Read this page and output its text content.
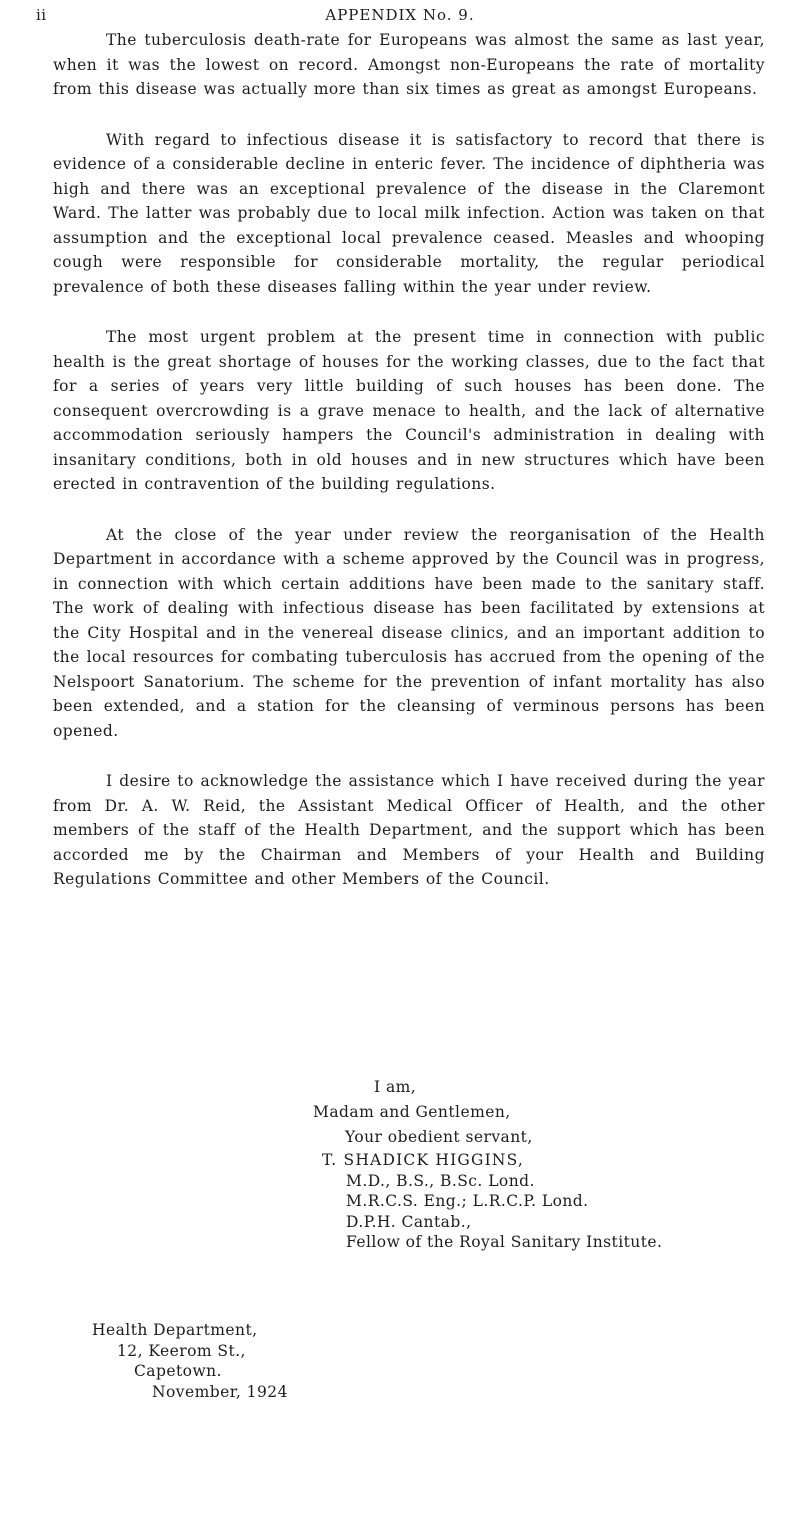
ii	APPENDIX No. 9.

The tuberculosis death-rate for Europeans was almost the same as last year, when it was the lowest on record. Amongst non-Europeans the rate of mortality from this disease was actually more than six times as great as amongst Europeans.

With regard to infectious disease it is satisfactory to record that there is evidence of a considerable decline in enteric fever. The incidence of diphtheria was high and there was an exceptional prevalence of the disease in the Claremont Ward. The latter was probably due to local milk infection. Action was taken on that assumption and the exceptional local prevalence ceased. Measles and whooping cough were responsible for considerable mortality, the regular periodical prevalence of both these diseases falling within the year under review.

The most urgent problem at the present time in connection with public health is the great shortage of houses for the working classes, due to the fact that for a series of years very little building of such houses has been done. The consequent overcrowding is a grave menace to health, and the lack of alternative accommodation seriously hampers the Council's administration in dealing with insanitary conditions, both in old houses and in new structures which have been erected in contravention of the building regulations.

At the close of the year under review the reorganisation of the Health Department in accordance with a scheme approved by the Council was in progress, in connection with which certain additions have been made to the sanitary staff. The work of dealing with infectious disease has been facilitated by extensions at the City Hospital and in the venereal disease clinics, and an important addition to the local resources for combating tuberculosis has accrued from the opening of the Nelspoort Sanatorium. The scheme for the prevention of infant mortality has also been extended, and a station for the cleansing of verminous persons has been opened.

I desire to acknowledge the assistance which I have received during the year from Dr. A. W. Reid, the Assistant Medical Officer of Health, and the other members of the staff of the Health Department, and the support which has been accorded me by the Chairman and Members of your Health and Building Regulations Committee and other Members of the Council.

I am,
Madam and Gentlemen,
Your obedient servant,
T. SHADICK HIGGINS,
M.D., B.S., B.Sc. Lond.
M.R.C.S. Eng.; L.R.C.P. Lond.
D.P.H. Cantab.,
Fellow of the Royal Sanitary Institute.
Health Department,
12, Keerom St.,
Capetown.
November, 1924
